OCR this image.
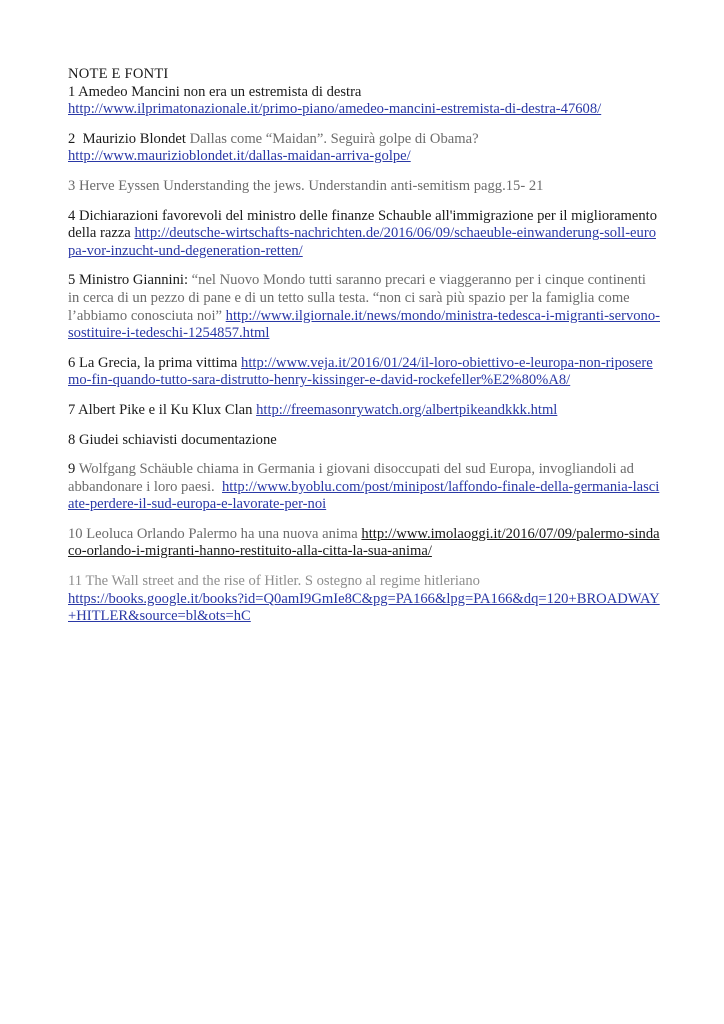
NOTE E FONTI
1 Amedeo Mancini non era un estremista di destra
http://www.ilprimatonazionale.it/primo-piano/amedeo-mancini-estremista-di-destra-47608/
2 Maurizio Blondet Dallas come “Maidan”. Seguirà golpe di Obama?
http://www.maurizioblondet.it/dallas-maidan-arriva-golpe/
3 Herve Eyssen Understanding the jews. Understandin anti-semitism pagg.15- 21
4 Dichiarazioni favorevoli del ministro delle finanze Schauble all'immigrazione per il miglioramento della razza http://deutsche-wirtschafts-nachrichten.de/2016/06/09/schaeuble-einwanderung-soll-europa-vor-inzucht-und-degeneration-retten/
5 Ministro Giannini: “nel Nuovo Mondo tutti saranno precari e viaggeranno per i cinque continenti in cerca di un pezzo di pane e di un tetto sulla testa. “non ci sarà più spazio per la famiglia come l’abbiamo conosciuta noi” http://www.ilgiornale.it/news/mondo/ministra-tedesca-i-migranti-servono-sostituire-i-tedeschi-1254857.html
6 La Grecia, la prima vittima http://www.veja.it/2016/01/24/il-loro-obiettivo-e-leuropa-non-riposeremo-fin-quando-tutto-sara-distrutto-henry-kissinger-e-david-rockefeller%E2%80%A8/
7 Albert Pike e il Ku Klux Clan http://freemasonrywatch.org/albertpikeandkkk.html
8 Giudei schiavisti documentazione
9 Wolfgang Schäuble chiama in Germania i giovani disoccupati del sud Europa, invogliandoli ad abbandonare i loro paesi. http://www.byoblu.com/post/minipost/laffondo-finale-della-germania-lasciate-perdere-il-sud-europa-e-lavorate-per-noi
10 Leoluca Orlando Palermo ha una nuova anima http://www.imolaoggi.it/2016/07/09/palermo-sindaco-orlando-i-migranti-hanno-restituito-alla-citta-la-sua-anima/
11 The Wall street and the rise of Hitler. S ostegno al regime hitleriano
https://books.google.it/books?id=Q0amI9GmIe8C&pg=PA166&lpg=PA166&dq=120+BROADWAY+HITLER&source=bl&ots=hC
